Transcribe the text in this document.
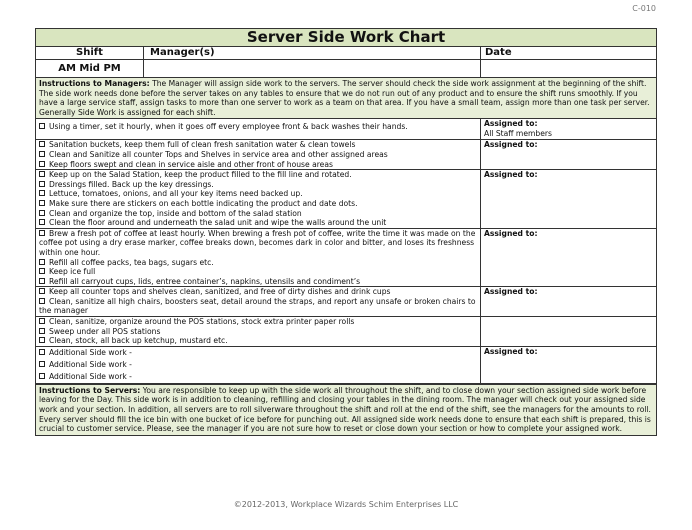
C-010
Server Side Work Chart
Shift	Manager(s)	Date
AM Mid PM
Instructions to Managers: The Manager will assign side work to the servers. The server should check the side work assignment at the beginning of the shift. The side work needs done before the server takes on any tables to ensure that we do not run out of any product and to ensure the shift runs smoothly. If you have a large service staff, assign tasks to more than one server to work as a team on that area. If you have a small team, assign more than one task per server. Generally Side Work is assigned for each shift.
Using a timer, set it hourly, when it goes off every employee front & back washes their hands.	Assigned to:
All Staff members
Sanitation buckets, keep them full of clean fresh sanitation water & clean towels
Clean and Sanitize all counter Tops and Shelves in service area and other assigned areas
Keep floors swept and clean in service aisle and other front of house areas
Assigned to:
Keep up on the Salad Station, keep the product filled to the fill line and rotated.
Dressings filled. Back up the key dressings.
Lettuce, tomatoes, onions, and all your key items need backed up.
Make sure there are stickers on each bottle indicating the product and date dots.
Clean and organize the top, inside and bottom of the salad station
Clean the floor around and underneath the salad unit and wipe the walls around the unit
Assigned to:
Brew a fresh pot of coffee at least hourly. When brewing a fresh pot of coffee, write the time it was made on the coffee pot using a dry erase marker, coffee breaks down, becomes dark in color and bitter, and loses its freshness within one hour.
Refill all coffee packs, tea bags, sugars etc.
Keep ice full
Refill all carryout cups, lids, entree container’s, napkins, utensils and condiment’s
Assigned to:
Keep all counter tops and shelves clean, sanitized, and free of dirty dishes and drink cups
Clean, sanitize all high chairs, boosters seat, detail around the straps, and report any unsafe or broken chairs to the manager
Assigned to:
Clean, sanitize, organize around the POS stations, stock extra printer paper rolls
Sweep under all POS stations
Clean, stock, all back up ketchup, mustard etc.
Additional Side work -
Additional Side work -
Additional Side work -
Assigned to:
Instructions to Servers: You are responsible to keep up with the side work all throughout the shift, and to close down your section assigned side work before leaving for the Day. This side work is in addition to cleaning, refilling and closing your tables in the dining room. The manager will check out your assigned side work and your section. In addition, all servers are to roll silverware throughout the shift and roll at the end of the shift, see the managers for the amounts to roll. Every server should fill the ice bin with one bucket of ice before for punching out. All assigned side work needs done to ensure that each shift is prepared, this is crucial to customer service. Please, see the manager if you are not sure how to reset or close down your section or how to complete your assigned work.
©2012-2013, Workplace Wizards Schim Enterprises LLC
